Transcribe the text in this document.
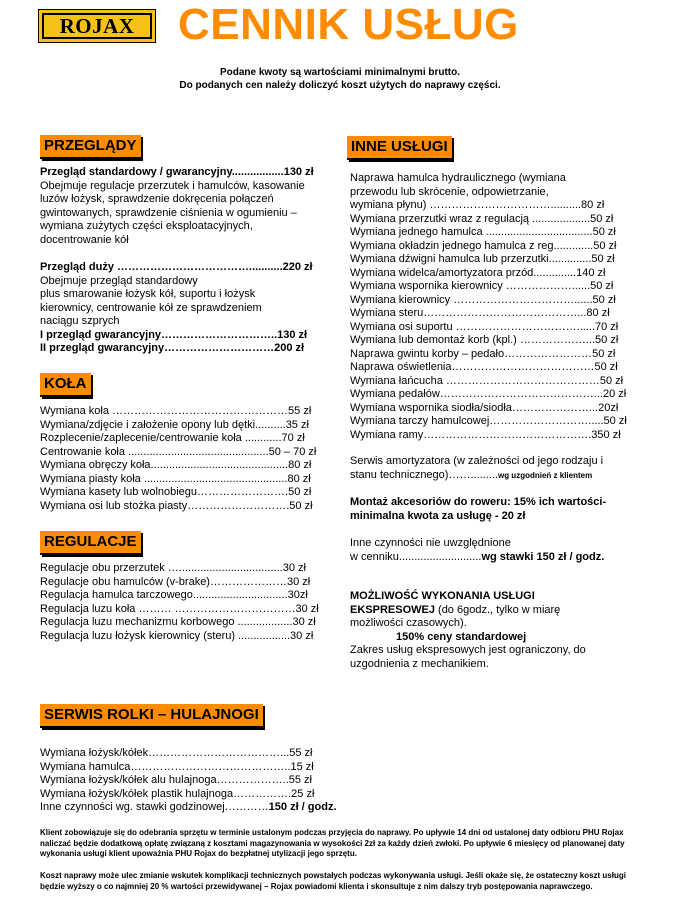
ROJAX CENNIK USŁUG
Podane kwoty są wartościami minimalnymi brutto.
Do podanych cen należy doliczyć koszt użytych do naprawy części.
PRZEGLĄDY
Przegląd standardowy / gwarancyjny.................130 zł
Obejmuje regulacje przerzutek i hamulców, kasowanie
luzów łożysk, sprawdzenie dokręcenia połączeń
gwintowanych, sprawdzenie ciśnienia w ogumieniu –
wymiana zużytych części eksploatacyjnych,
docentrowanie kół
Przegląd duży ………………………………...........220 zł
Obejmuje przegląd standardowy
plus smarowanie łożysk kół, suportu i łożysk
kierownicy, centrowanie kół ze sprawdzeniem
naciągu szprych
I przegląd gwarancyjny…………………………..130 zł
II przegląd gwarancyjny…………………………200 zł
KOŁA
Wymiana koła …………………………………………55 zł
Wymiana/zdjęcie i założenie opony lub dętki..........35 zł
Rozplecenie/zaplecenie/centrowanie koła ............70 zł
Centrowanie koła ..............................................50 – 70 zł
Wymiana obręczy koła.............................................80 zł
Wymiana piasty koła ...............................................80 zł
Wymiana kasety lub wolnobiegu…………………….50 zł
Wymiana osi lub stożka piasty……………………….50 zł
REGULACJE
Regulacje obu przerzutek …..................................30 zł
Regulacje obu hamulców (v-brake)…………………30 zł
Regulacja hamulca tarczowego...............................30zł
Regulacja luzu koła ……… ……………………………30 zł
Regulacja luzu mechanizmu korbowego ..................30 zł
Regulacja luzu łożysk kierownicy (steru) .................30 zł
SERWIS ROLKI – HULAJNOGI
Wymiana łożysk/kółek………………………………...55 zł
Wymiana hamulca……………………………………..15 zł
Wymiana łożysk/kółek alu hulajnoga………………..55 zł
Wymiana łożysk/kółek plastik hulajnoga…………….25 zł
Inne czynności wg. stawki godzinowej…………150 zł / godz.
INNE USŁUGI
Naprawa hamulca hydraulicznego (wymiana
przewodu lub skrócenie, odpowietrzanie,
wymiana płynu) ……………………………..........80 zł
Wymiana przerzutki wraz z regulacją ...................50 zł
Wymiana jednego hamulca ...................................50 zł
Wymiana okładzin jednego hamulca z reg.............50 zł
Wymiana dźwigni hamulca lub przerzutki..............50 zł
Wymiana widelca/amortyzatora przód..............140 zł
Wymiana wspornika kierownicy ………………......50 zł
Wymiana kierownicy ……………………………......50 zł
Wymiana steru……………………………………...80 zł
Wymiana osi suportu ……………………………......70 zł
Wymiana lub demontaż korb (kpl.) ………………...50 zł
Naprawa gwintu korby – pedało……………………50 zł
Naprawa oświetlenia…………………………………50 zł
Wymiana łańcucha ……………………………………50 zł
Wymiana pedałów……………………………………...20 zł
Wymiana wspornika siodła/siodła…………………...20zł
Wymiana tarczy hamulcowej……………………….....50 zł
Wymiana ramy……………………………………….350 zł
Serwis amortyzatora (w zależności od jego rodzaju i
stanu technicznego)…….........wg uzgodnień z klientem
Montaż akcesoriów do roweru: 15% ich wartości-
minimalna kwota za usługę - 20 zł
Inne czynności nie uwzględnione
w cenniku...........................wg stawki 150 zł / godz.
MOŻLIWOŚĆ WYKONANIA USŁUGI
EKSPRESOWEJ (do 6godz., tylko w miarę
możliwości czasowych).
150% ceny standardowej
Zakres usług ekspresowych jest ograniczony, do
uzgodnienia z mechanikiem.
Klient zobowiązuje się do odebrania sprzętu w terminie ustalonym podczas przyjęcia do naprawy. Po upływie 14 dni od ustalonej daty odbioru PHU Rojax naliczać będzie dodatkową opłatę związaną z kosztami magazynowania w wysokości 2zł za każdy dzień zwłoki. Po upływie 6 miesięcy od planowanej daty wykonania usługi klient upoważnia PHU Rojax do bezpłatnej utylizacji jego sprzętu.
Koszt naprawy może ulec zmianie wskutek komplikacji technicznych powstałych podczas wykonywania usługi. Jeśli okaże się, że ostateczny koszt usługi będzie wyższy o co najmniej 20 % wartości przewidywanej – Rojax powiadomi klienta i skonsultuje z nim dalszy tryb postępowania naprawczego.
